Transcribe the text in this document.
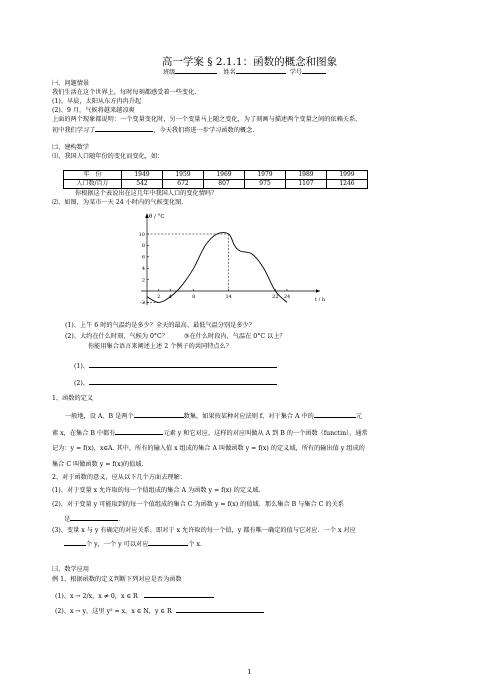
高一学案 § 2.1.1：函数的概念和图象
班级	姓名	学号
㈠、问题情景
我们生活在这个世界上，每时每刻都感受着一些变化.
(1)、早晨，太阳从东方冉冉升起
(2)、9 月，气候将越来越凉爽
上面的两个现象都说明：一个变量变化时，另一个变量马上随之变化，为了刻画与描述两个变量之间的依赖关系，
初中我们学习了	，今天我们将进一步学习函数的概念.
㈡、建构数学
⑴、我国人口随年份的变化而变化，如：
年　份	1949	1959	1969	1979	1989	1999
人口数/百万	542	672	807	975	1107	1246
你根据这个表说出在这几年中我国人口的变化情吗？
⑵、如图，为某市一天 24 小时内的气候变化图.
θ / °C
t / h
10
8
6
4
2
-2
2 4	8	14	22 24
(1)、上午 6 时的气温约是多少？全天的最高、最低气温分别是多少？
(2)、大约在什么时刻，气候为 0°C？	③在什么时段内，气温在 0°C 以上？
你能用集合语言来阐述上述 2 个例子的共同特点么？
(1)、
(2)、
1、函数的定义
一般地，设 A、B 是两个	数集，如果按某种对应法则 f，对于集合 A 中的	元
素 x，在集合 B 中都有	元素 y 和它对应，这样的对应叫做从 A 到 B 的一个函数（functin），通常
记为：y = f(x)，x∈A. 其中，所有的输入值 x 组成的集合 A 叫做函数 y = f(x) 的定义域，所有的输出值 y 组成的
集合 C 叫做函数 y = f(x)的值域.
2、对于函数的意义，应从以下几个方面去理解：
(1)、对于变量 x 允许取的每一个值组成的集合 A 为函数 y = f(x) 的定义域.
(2)、对于变量 y 可能取到的每一个值组成的集合 C 为函数 y = f(x) 的值域．那么集合 B 与集合 C 的关系
是	.
(3)、变量 x 与 y 有确定的对应关系，即对于 x 允许取的每一个值，y 都有唯一确定的值与它对应．一个 x 对应
个 y，一个 y 可以对应	个 x.
㈢、数学应用
例 1、根据函数的定义判断下列对应是否为函数
(1)、x → 2/x，x ≠ 0，x ∈ R
(2)、x → y，这里 y² = x，x ∈ N，y ∈ R
1
